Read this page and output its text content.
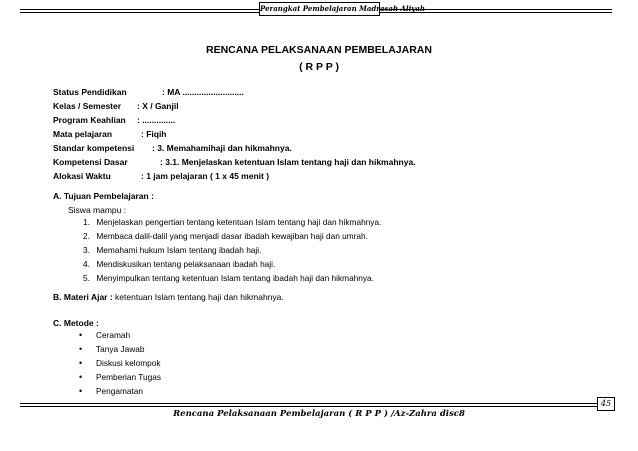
Perangkat Pembelajaran Madrasah Aliyah
RENCANA PELAKSANAAN PEMBELAJARAN
( R P P )
Status Pendidikan	: MA ..........................
Kelas / Semester : X / Ganjil
Program Keahlian : ..............
Mata pelajaran	: Fiqih
Standar kompetensi : 3. Memahamihaji dan hikmahnya.
Kompetensi Dasar	: 3.1. Menjelaskan ketentuan Islam tentang haji dan hikmahnya.
Alokasi Waktu	: 1 jam pelajaran ( 1 x 45 menit )
A. Tujuan Pembelajaran :
Siswa mampu :
1. Menjelaskan pengertian tentang ketentuan Islam tentang haji dan hikmahnya.
2. Membaca dalil-dalil yang menjadi dasar ibadah kewajiban haji dan umrah.
3. Memahami hukum Islam tentang ibadah haji.
4. Mendiskusikan tentang pelaksanaan ibadah haji.
5. Menyimpulkan tentang ketentuan Islam tentang ibadah haji dan hikmahnya.
B. Materi Ajar : ketentuan Islam tentang haji dan hikmahnya.
C. Metode :
• Ceramah
• Tanya Jawab
• Diskusi kelompok
• Pemberian Tugas
• Pengamatan
45
Rencana Pelaksanaan Pembelajaran ( R P P ) /Az-Zahra disc8
